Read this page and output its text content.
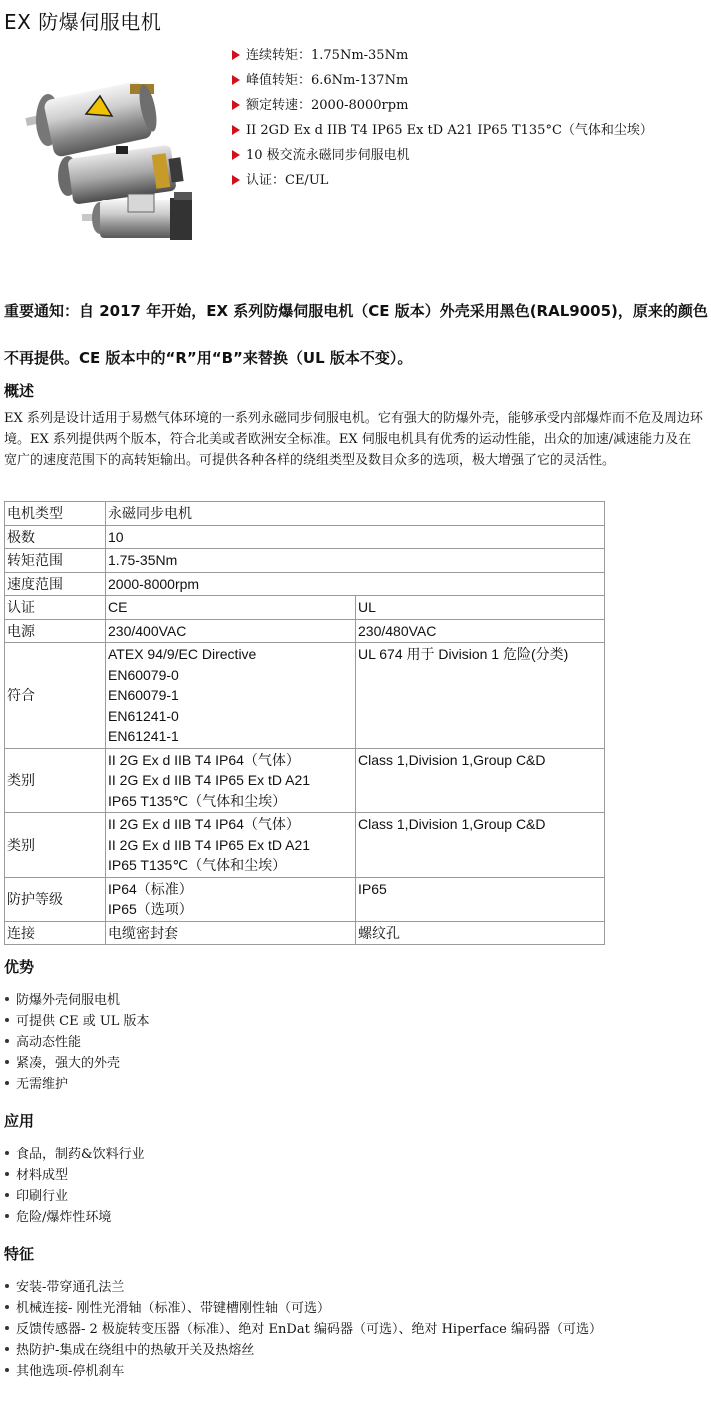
EX 防爆伺服电机
连续转矩：1.75Nm-35Nm
峰值转矩：6.6Nm-137Nm
额定转速：2000-8000rpm
II 2GD Ex d IIB T4 IP65 Ex tD A21 IP65 T135°C（气体和尘埃）
10 极交流永磁同步伺服电机
认证：CE/UL
重要通知：自 2017 年开始，EX 系列防爆伺服电机（CE 版本）外壳采用黑色(RAL9005)，原来的颜色不再提供。CE 版本中的“R”用“B”来替换（UL 版本不变）。
概述
EX 系列是设计适用于易燃气体环境的一系列永磁同步伺服电机。它有强大的防爆外壳，能够承受内部爆炸而不危及周边环境。EX 系列提供两个版本，符合北美或者欧洲安全标准。EX 伺服电机具有优秀的运动性能，出众的加速/减速能力及在宽广的速度范围下的高转矩输出。可提供各种各样的绕组类型及数目众多的选项，极大增强了它的灵活性。
电机类型	永磁同步电机	
极数	10	
转矩范围	1.75-35Nm	
速度范围	2000-8000rpm	
认证	CE	UL

电源	230/400VAC	230/480VAC

符合	ATEX 94/9/EC Directive
EN60079-0
EN60079-1
EN61241-0
EN61241-1	UL 674 用于 Division 1 危险(分类)

类别	II 2G Ex d IIB T4 IP64（气体）
II 2G Ex d IIB T4 IP65 Ex tD A21
IP65 T135℃（气体和尘埃）	Class 1,Division 1,Group C&D

类别	II 2G Ex d IIB T4 IP64（气体）
II 2G Ex d IIB T4 IP65 Ex tD A21
IP65 T135℃（气体和尘埃）	Class 1,Division 1,Group C&D

防护等级	IP64（标准）
IP65（选项）	IP65

连接	电缆密封套	螺纹孔
优势
防爆外壳伺服电机
可提供 CE 或 UL 版本
高动态性能
紧凑，强大的外壳
无需维护
应用
食品，制药&饮料行业
材料成型
印刷行业
危险/爆炸性环境
特征
安装-带穿通孔法兰
机械连接- 刚性光滑轴（标准）、带键槽刚性轴（可选）
反馈传感器- 2 极旋转变压器（标准）、绝对 EnDat 编码器（可选）、绝对 Hiperface 编码器（可选）
热防护-集成在绕组中的热敏开关及热熔丝
其他选项-停机刹车
